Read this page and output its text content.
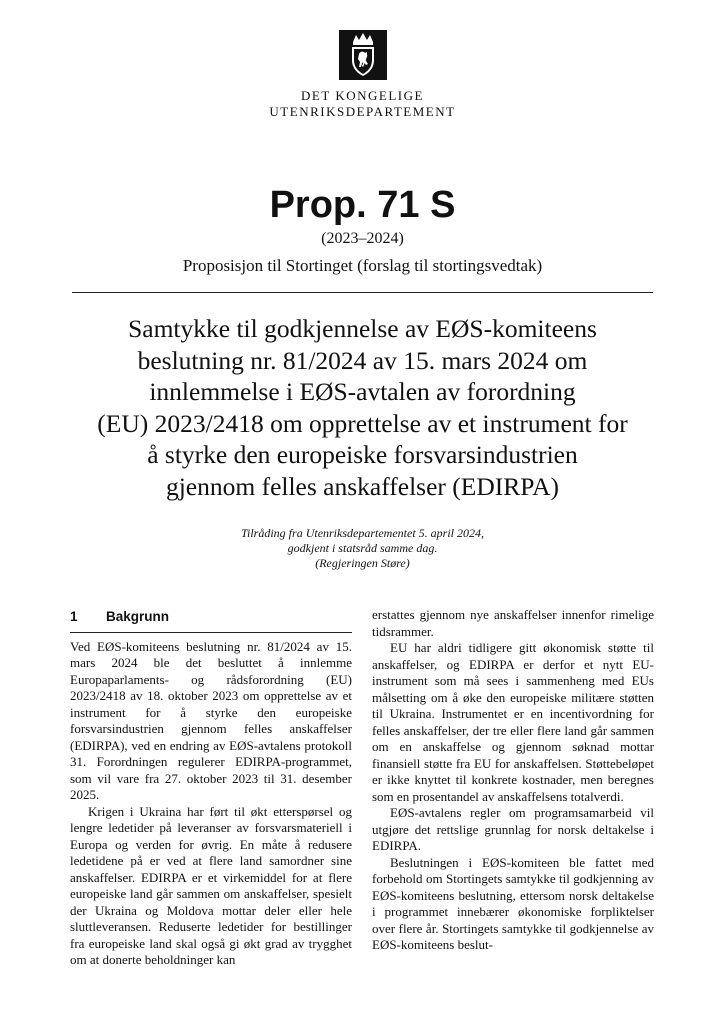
DET KONGELIGE
UTENRIKSDEPARTEMENT
Prop. 71 S
(2023–2024)
Proposisjon til Stortinget (forslag til stortingsvedtak)
Samtykke til godkjennelse av EØS-komiteens
beslutning nr. 81/2024 av 15. mars 2024 om
innlemmelse i EØS-avtalen av forordning
(EU) 2023/2418 om opprettelse av et instrument for
å styrke den europeiske forsvarsindustrien
gjennom felles anskaffelser (EDIRPA)
Tilråding fra Utenriksdepartementet 5. april 2024,
godkjent i statsråd samme dag.
(Regjeringen Støre)
1	Bakgrunn

Ved EØS-komiteens beslutning nr. 81/2024 av 15. mars 2024 ble det besluttet å innlemme Europaparlaments- og rådsforordning (EU) 2023/2418 av 18. oktober 2023 om opprettelse av et instrument for å styrke den europeiske forsvarsindustrien gjennom felles anskaffelser (EDIRPA), ved en endring av EØS-avtalens protokoll 31. Forordningen regulerer EDIRPA-programmet, som vil vare fra 27. oktober 2023 til 31. desember 2025.

Krigen i Ukraina har ført til økt etterspørsel og lengre ledetider på leveranser av forsvarsmateriell i Europa og verden for øvrig. En måte å redusere ledetidene på er ved at flere land samordner sine anskaffelser. EDIRPA er et virkemiddel for at flere europeiske land går sammen om anskaffelser, spesielt der Ukraina og Moldova mottar deler eller hele sluttleveransen. Reduserte ledetider for bestillinger fra europeiske land skal også gi økt grad av trygghet om at donerte beholdninger kan

erstattes gjennom nye anskaffelser innenfor rimelige tidsrammer.

EU har aldri tidligere gitt økonomisk støtte til anskaffelser, og EDIRPA er derfor et nytt EU-instrument som må sees i sammenheng med EUs målsetting om å øke den europeiske militære støtten til Ukraina. Instrumentet er en incentivordning for felles anskaffelser, der tre eller flere land går sammen om en anskaffelse og gjennom søknad mottar finansiell støtte fra EU for anskaffelsen. Støttebeløpet er ikke knyttet til konkrete kostnader, men beregnes som en prosentandel av anskaffelsens totalverdi.

EØS-avtalens regler om programsamarbeid vil utgjøre det rettslige grunnlag for norsk deltakelse i EDIRPA.

Beslutningen i EØS-komiteen ble fattet med forbehold om Stortingets samtykke til godkjenning av EØS-komiteens beslutning, ettersom norsk deltakelse i programmet innebærer økonomiske forpliktelser over flere år. Stortingets samtykke til godkjennelse av EØS-komiteens beslut-
